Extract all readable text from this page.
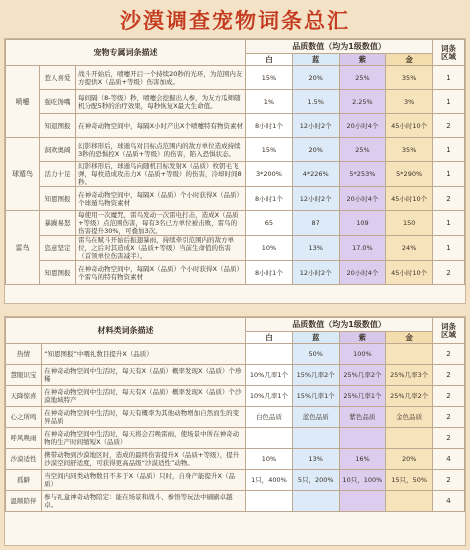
沙漠调查宠物词条总汇
宠物专属词条描述			品质数值（均为1级数值）				词条
区域
			白	蓝	紫	金	
喷嚏	惹人喜爱	战斗开始后，喷嚏开启一个持续20秒的光环，为范围内友方提供X（品质+等级）伤害加成。	15%	20%	25%	35%	1
	强吃馋嘴	每间隔（8-等级）秒，喷嚏会挖掘出人参，为友方瓜师随机分配5秒的治疗效果，每秒恢复X最大生命值。	1%	1.5%	2.25%	3%	1
	知退图报	在神奇动物空间中，每隔X小时产出X个喷嚏特有物资素材	8小时1个	12小时2个	20小时4个	45小时10个	2
球遁鸟	洞欢奥阔	幻影移形后，球遁鸟对目标点范围内的敌方单位造成持续3秒的恐惧控X（品质+等级）的伤害，陷入恐惧状态。	15%	20%	25%	35%	1
	活力十足	幻影移形后，球遁鸟向随机目标发射X（品质）枚钥毛飞弹，每枚造成攻击力X（品质+等级）的伤害，冷却时间8秒。	3*200%	4*226%	5*253%	5*290%	1
	知恩图报	在神奇动物空间中，每隔X（品质）个小时获得X（品质）个球遁鸟物资素材	8小时1个	12小时2个	20小时4个	45小时10个	2
雷鸟	暴躁易怒	每使用一次魔咒，雷鸟发动一次雷电打击，造成X（品质+等级）点范围伤害，每有3名已方单位被击败，雷鸟的伤害提升30%，可叠加3次。	65	87	109	150	1
	恣意坚定	雷鸟在赋斗开始后振翅暴雨，持续牵引范围内的敌方单位，之后对其造成X（品质+等级）当前生命值的伤害（首领单位伤害减半）。	10%	13%	17.0%	24%	1
	知恩图报	在神奇动物空间中，每隔X（品质）个小时获得X（品质）个雷鸟的特有物资素材	8小时1个	12小时2个	20小时4个	45小时10个	2
材料类词条描述		品质数值（均为1级数值）				词条
区域
		白	蓝	紫	金	
热情	“知恩图报”中喂礼数目提升X（品质）		50%	100%		2
慧眼识宝	在神奇动物空间中生活时，每天有X（品质）概率发现X（品质）个珍稀	10%几率1个	15%几率2个	25%几率2个	25%几率3个	2
天降惊喜	在神奇动物空间中生活时，每天有X（品质）概率发现X（品质）个沙漠地域特产	10%几率1个	15%几率1个	25%几率1个	25%几率2个	2
心之所鸣	在神奇动物空间中生活时，每天有概率为其他动物增加自然而生的变异品质	白色品质	蓝色品质	紫色品质	金色品质	2
呼风唤雨	在神奇动物空间中生活时，每天将会召唤雷雨，使场景中所在神奇动物的生产时间缩短X（品质）					2
沙漠适性	携带动物到沙漠地区时，造成的最终伤害提升X（品质+等级），提升沙漠空间舒适度，可获得更高品级“沙漠适性”动物。	10%	13%	16%	20%	4
孤僻	当空间内同类动物数目不多于X（品质）只时，自身产能提升X（品质）	1只，400%	5只，200%	10只，100%	15只，50%	2
温顺陪伴	参与礼盒神奇动物陪定：能在场景和战斗、参悟等玩法中刷刷卓越卓。					4
